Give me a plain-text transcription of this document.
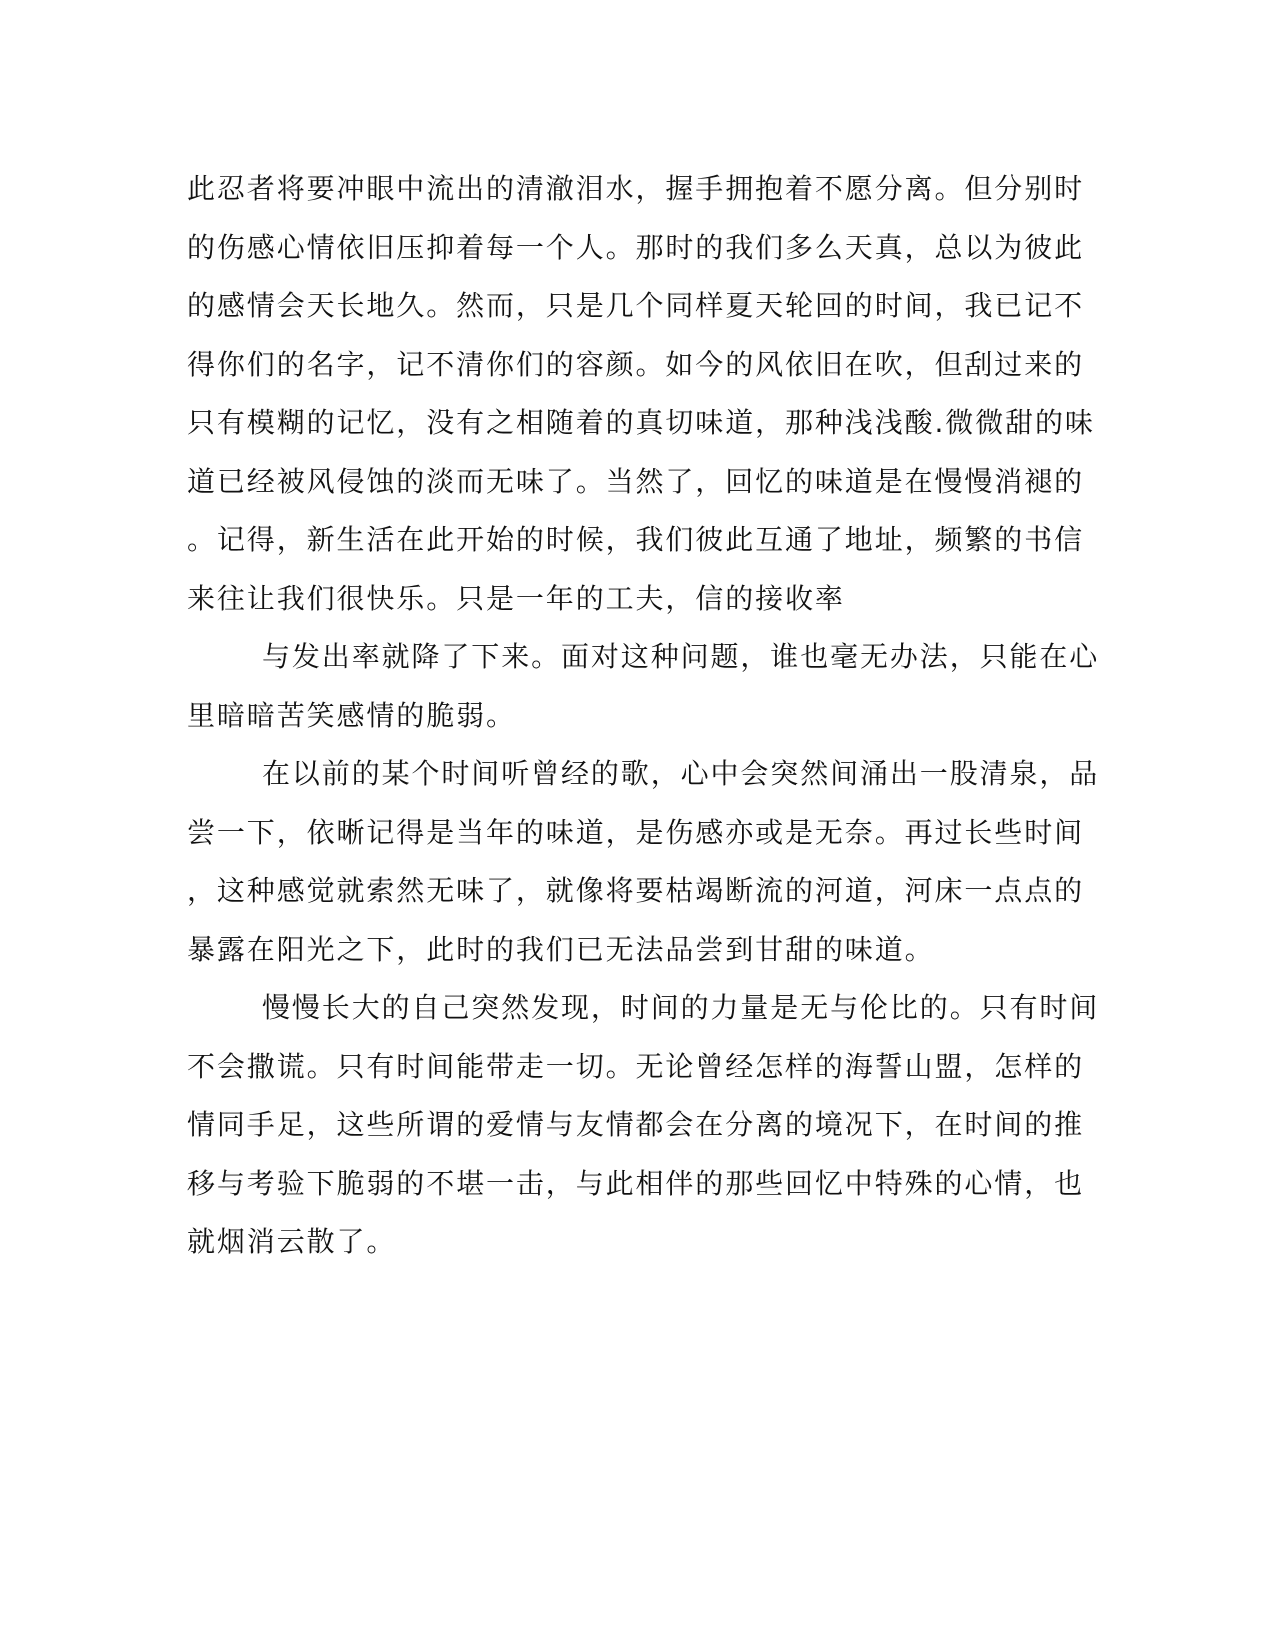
此忍者将要冲眼中流出的清澈泪水，握手拥抱着不愿分离。但分别时
的伤感心情依旧压抑着每一个人。那时的我们多么天真，总以为彼此
的感情会天长地久。然而，只是几个同样夏天轮回的时间，我已记不
得你们的名字，记不清你们的容颜。如今的风依旧在吹，但刮过来的
只有模糊的记忆，没有之相随着的真切味道，那种浅浅酸.微微甜的味
道已经被风侵蚀的淡而无味了。当然了，回忆的味道是在慢慢消褪的
。记得，新生活在此开始的时候，我们彼此互通了地址，频繁的书信
来往让我们很快乐。只是一年的工夫，信的接收率
与发出率就降了下来。面对这种问题，谁也毫无办法，只能在心
里暗暗苦笑感情的脆弱。
在以前的某个时间听曾经的歌，心中会突然间涌出一股清泉，品
尝一下，依晰记得是当年的味道，是伤感亦或是无奈。再过长些时间
，这种感觉就索然无味了，就像将要枯竭断流的河道，河床一点点的
暴露在阳光之下，此时的我们已无法品尝到甘甜的味道。
慢慢长大的自己突然发现，时间的力量是无与伦比的。只有时间
不会撒谎。只有时间能带走一切。无论曾经怎样的海誓山盟，怎样的
情同手足，这些所谓的爱情与友情都会在分离的境况下，在时间的推
移与考验下脆弱的不堪一击，与此相伴的那些回忆中特殊的心情，也
就烟消云散了。
